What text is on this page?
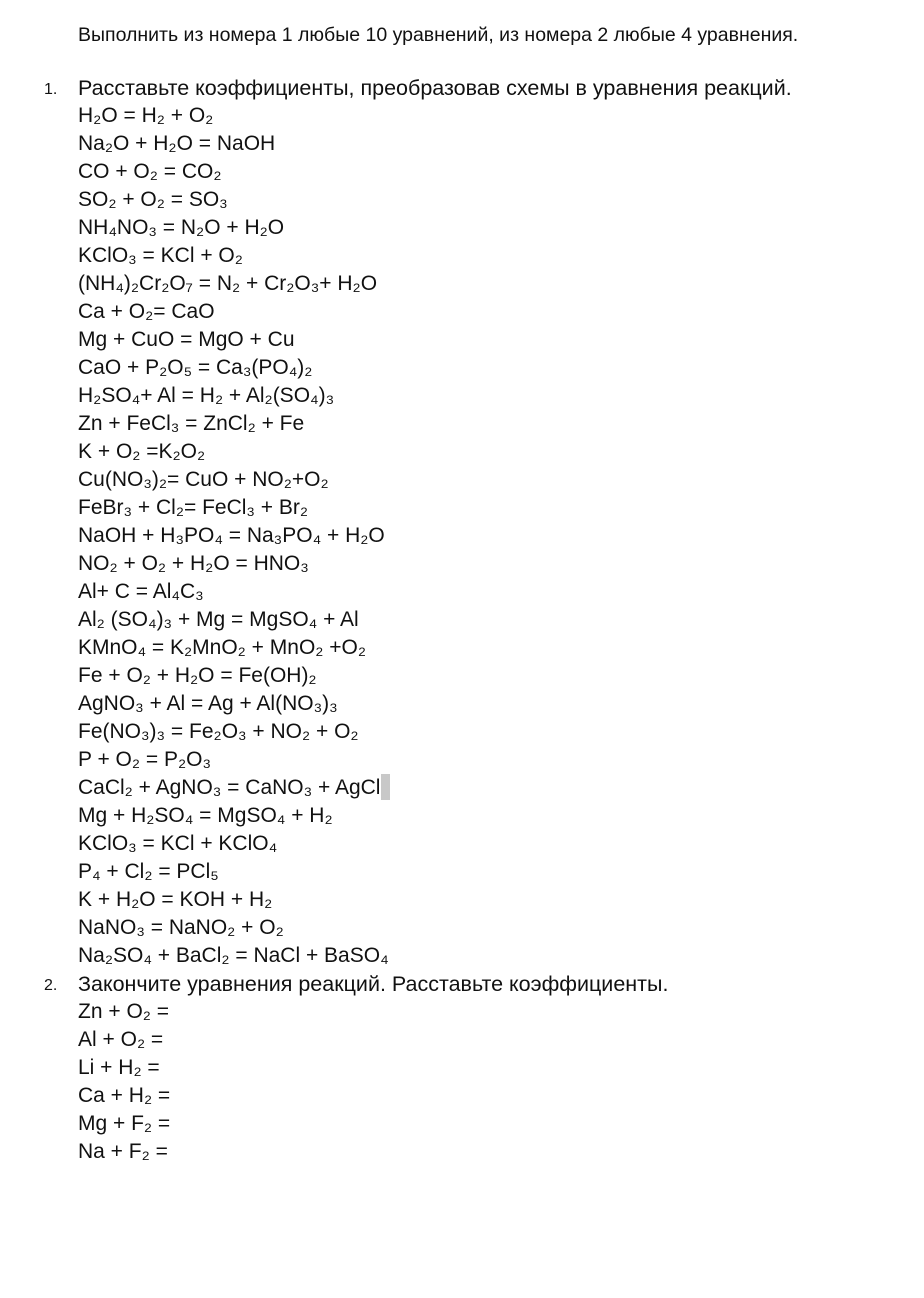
Выполнить из номера 1 любые 10 уравнений, из номера 2 любые 4 уравнения.
1. Расставьте коэффициенты, преобразовав схемы в уравнения реакций.
H₂O = H₂ + O₂
Na₂O + H₂O = NaOH
CO + O₂ = CO₂
SO₂ + O₂ = SO₃
NH₄NO₃ = N₂O + H₂O
KClO₃ = KCl + O₂
(NH₄)₂Cr₂O₇ = N₂ + Cr₂O₃+ H₂O
Ca + O₂= CaO
Mg + CuO = MgO + Cu
CaO + P₂O₅ = Ca₃(PO₄)₂
H₂SO₄+ Al = H₂ + Al₂(SO₄)₃
Zn + FeCl₃ = ZnCl₂ + Fe
K + O₂ =K₂O₂
Cu(NO₃)₂= CuO + NO₂+O₂
FeBr₃ + Cl₂= FeCl₃ + Br₂
NaOH + H₃PO₄ = Na₃PO₄ + H₂O
NO₂ + O₂ + H₂O = HNO₃
Al+ C = Al₄C₃
Al₂ (SO₄)₃ + Mg = MgSO₄ + Al
KMnO₄ = K₂MnO₂ + MnO₂ +O₂
Fe + O₂ + H₂O = Fe(OH)₂
AgNO₃ + Al = Ag + Al(NO₃)₃
Fe(NO₃)₃ = Fe₂O₃ + NO₂ + O₂
P + O₂ = P₂O₃
CaCl₂ + AgNO₃ = CaNO₃ + AgCl
Mg + H₂SO₄ = MgSO₄ + H₂
KClO₃ = KCl + KClO₄
P₄ + Cl₂ = PCl₅
K + H₂O = KOH + H₂
NaNO₃ = NaNO₂ + O₂
Na₂SO₄ + BaCl₂ = NaCl + BaSO₄
2. Закончите уравнения реакций. Расставьте коэффициенты.
Zn + O₂ =
Al + O₂ =
Li + H₂ =
Ca + H₂ =
Mg + F₂ =
Na + F₂ =
